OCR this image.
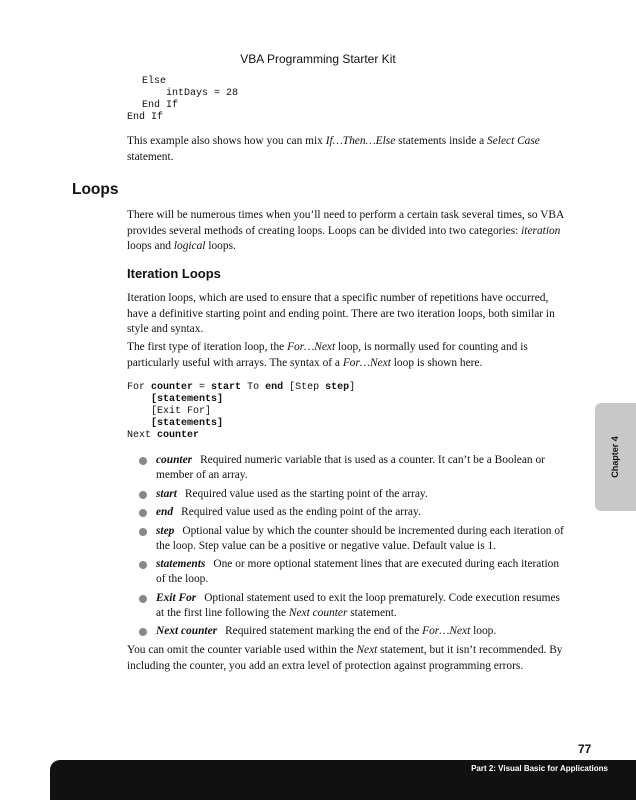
VBA Programming Starter Kit
Else
intDays = 28
End If
End If
This example also shows how you can mix If…Then…Else statements inside a Select Case statement.
Loops
There will be numerous times when you’ll need to perform a certain task several times, so VBA provides several methods of creating loops. Loops can be divided into two categories: iteration loops and logical loops.
Iteration Loops
Iteration loops, which are used to ensure that a specific number of repetitions have occurred, have a definitive starting point and ending point. There are two iteration loops, both similar in style and syntax.
The first type of iteration loop, the For…Next loop, is normally used for counting and is particularly useful with arrays. The syntax of a For…Next loop is shown here.
For counter = start To end [Step step]
[statements]
[Exit For]
[statements]
Next counter
counter Required numeric variable that is used as a counter. It can’t be a Boolean or member of an array.
start Required value used as the starting point of the array.
end Required value used as the ending point of the array.
step Optional value by which the counter should be incremented during each iteration of the loop. Step value can be a positive or negative value. Default value is 1.
statements One or more optional statement lines that are executed during each iteration of the loop.
Exit For Optional statement used to exit the loop prematurely. Code execution resumes at the first line following the Next counter statement.
Next counter Required statement marking the end of the For…Next loop.
You can omit the counter variable used within the Next statement, but it isn’t recommended. By including the counter, you add an extra level of protection against programming errors.
Chapter 4
77
Part 2: Visual Basic for Applications
